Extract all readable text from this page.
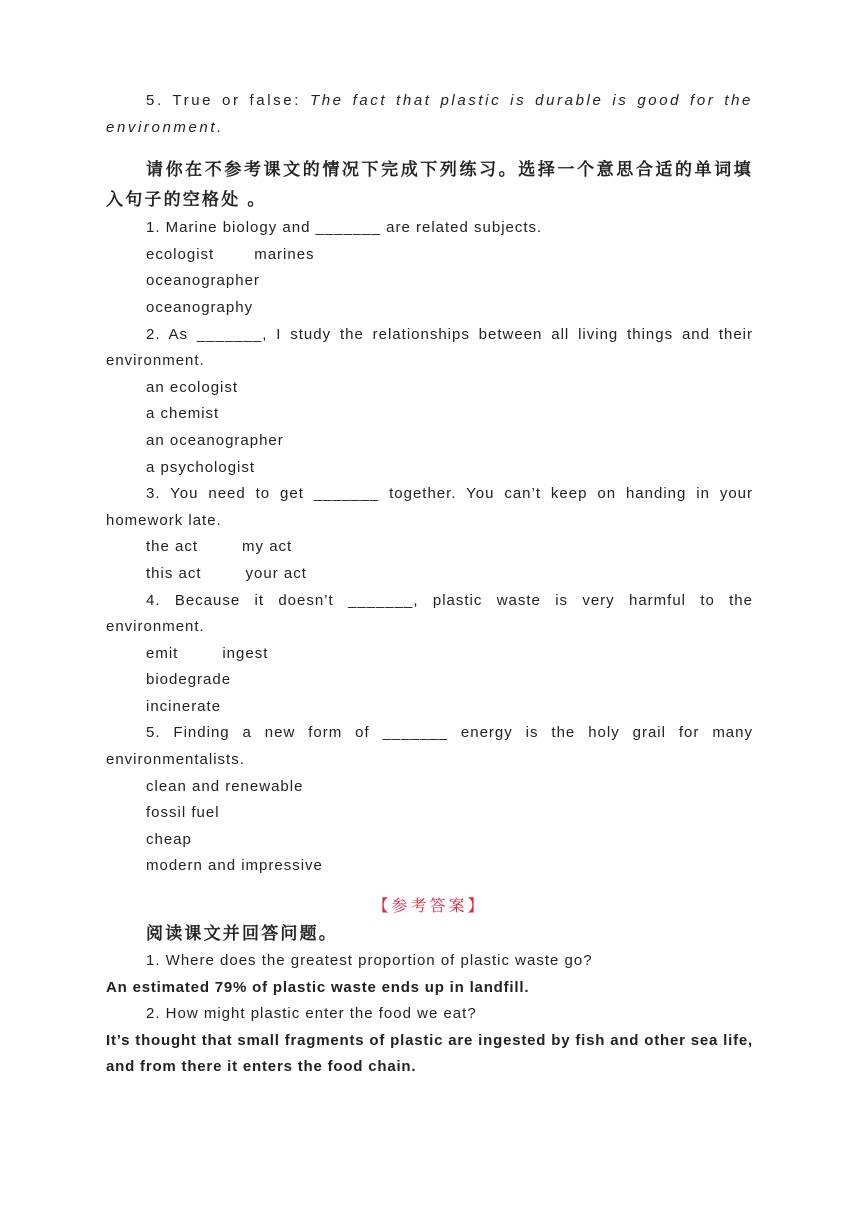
5. True or false: The fact that plastic is durable is good for the environment.
请你在不参考课文的情况下完成下列练习。选择一个意思合适的单词填入句子的空格处 。
1. Marine biology and _______ are related subjects.
ecologist	marines
oceanographer
oceanography
2. As _______, I study the relationships between all living things and their environment.
an ecologist
a chemist
an oceanographer
a psychologist
3. You need to get _______ together. You can’t keep on handing in your homework late.
the act	my act
this act	your act
4. Because it doesn’t _______, plastic waste is very harmful to the environment.
emit	ingest
biodegrade
incinerate
5. Finding a new form of _______ energy is the holy grail for many environmentalists.
clean and renewable
fossil fuel
cheap
modern and impressive
【参考答案】
阅读课文并回答问题。
1. Where does the greatest proportion of plastic waste go?
An estimated 79% of plastic waste ends up in landfill.
2. How might plastic enter the food we eat?
It’s thought that small fragments of plastic are ingested by fish and other sea life, and from there it enters the food chain.
